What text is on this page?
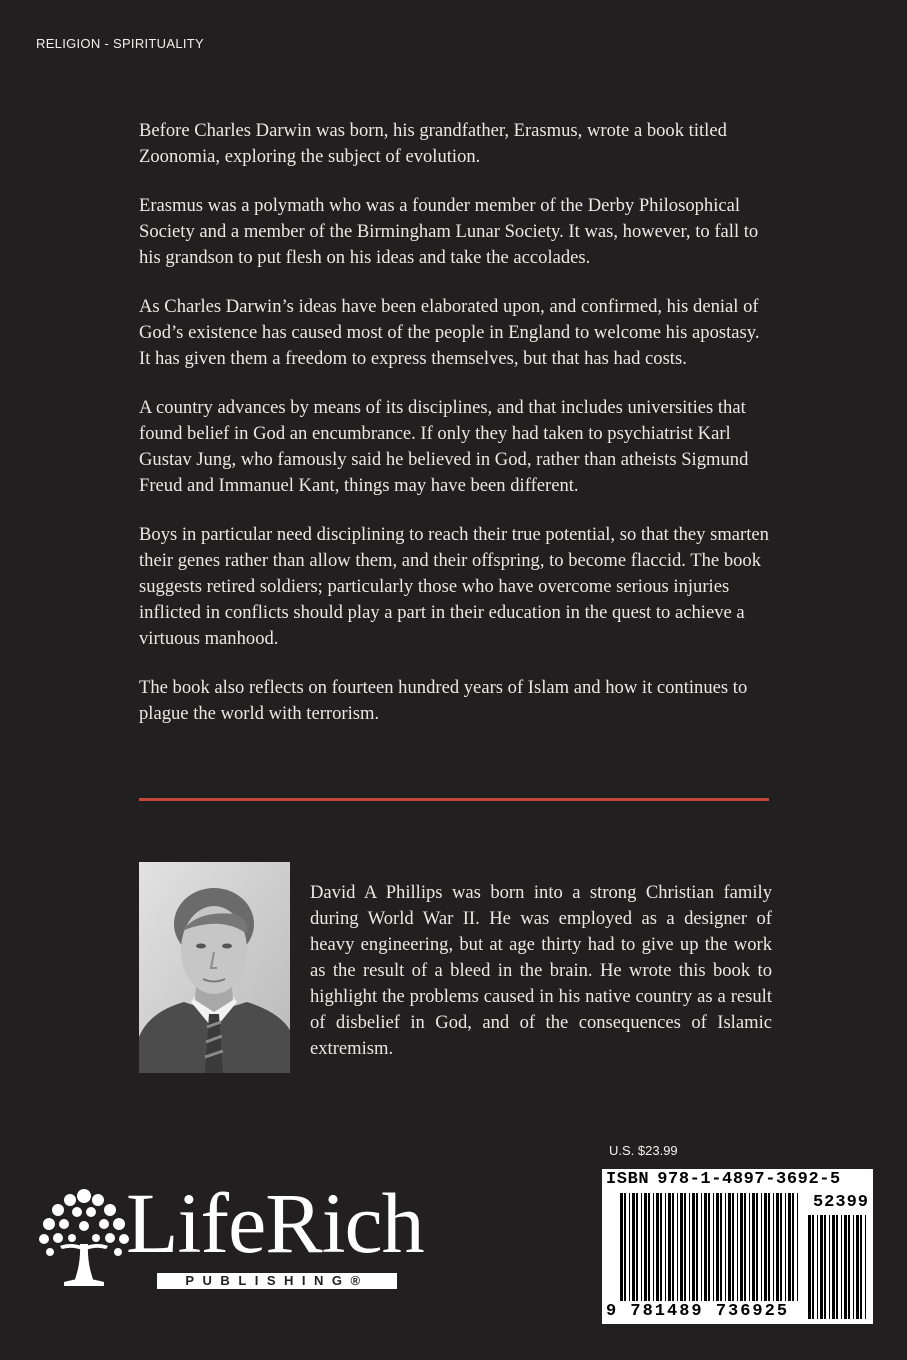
RELIGION - SPIRITUALITY

Before Charles Darwin was born, his grandfather, Erasmus, wrote a book titled Zoonomia, exploring the subject of evolution.

Erasmus was a polymath who was a founder member of the Derby Philosophical Society and a member of the Birmingham Lunar Society. It was, however, to fall to his grandson to put flesh on his ideas and take the accolades.

As Charles Darwin’s ideas have been elaborated upon, and confirmed, his denial of God’s existence has caused most of the people in England to welcome his apostasy. It has given them a freedom to express themselves, but that has had costs.

A country advances by means of its disciplines, and that includes universities that found belief in God an encumbrance. If only they had taken to psychiatrist Karl Gustav Jung, who famously said he believed in God, rather than atheists Sigmund Freud and Immanuel Kant, things may have been different.

Boys in particular need disciplining to reach their true potential, so that they smarten their genes rather than allow them, and their offspring, to become flaccid. The book suggests retired soldiers; particularly those who have overcome serious injuries inflicted in conflicts should play a part in their education in the quest to achieve a virtuous manhood.

The book also reflects on fourteen hundred years of Islam and how it continues to plague the world with terrorism.

David A Phillips was born into a strong Christian family during World War II. He was employed as a designer of heavy engineering, but at age thirty had to give up the work as the result of a bleed in the brain. He wrote this book to highlight the problems caused in his native country as a result of disbelief in God, and of the consequences of Islamic extremism.
U.S. $23.99
ISBN 978-1-4897-3692-5
52399
9 781489 736925
LifeRich
PUBLISHING®
